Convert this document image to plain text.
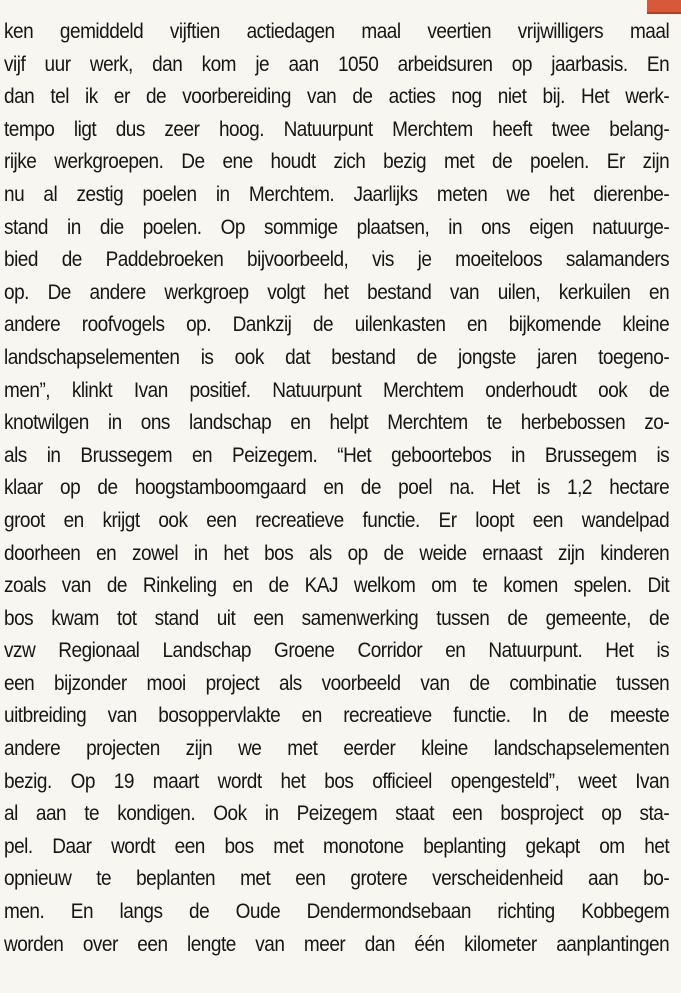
ken gemiddeld vijftien actiedagen maal veertien vrijwilligers maal
vijf uur werk, dan kom je aan 1050 arbeidsuren op jaarbasis. En
dan tel ik er de voorbereiding van de acties nog niet bij. Het werk-
tempo ligt dus zeer hoog. Natuurpunt Merchtem heeft twee belang-
rijke werkgroepen. De ene houdt zich bezig met de poelen. Er zijn
nu al zestig poelen in Merchtem. Jaarlijks meten we het dierenbe-
stand in die poelen. Op sommige plaatsen, in ons eigen natuurge-
bied de Paddebroeken bijvoorbeeld, vis je moeiteloos salamanders
op. De andere werkgroep volgt het bestand van uilen, kerkuilen en
andere roofvogels op. Dankzij de uilenkasten en bijkomende kleine
landschapselementen is ook dat bestand de jongste jaren toegeno-
men”, klinkt Ivan positief. Natuurpunt Merchtem onderhoudt ook de
knotwilgen in ons landschap en helpt Merchtem te herbebossen zo-
als in Brussegem en Peizegem. “Het geboortebos in Brussegem is
klaar op de hoogstamboomgaard en de poel na. Het is 1,2 hectare
groot en krijgt ook een recreatieve functie. Er loopt een wandelpad
doorheen en zowel in het bos als op de weide ernaast zijn kinderen
zoals van de Rinkeling en de KAJ welkom om te komen spelen. Dit
bos kwam tot stand uit een samenwerking tussen de gemeente, de
vzw Regionaal Landschap Groene Corridor en Natuurpunt. Het is
een bijzonder mooi project als voorbeeld van de combinatie tussen
uitbreiding van bosoppervlakte en recreatieve functie. In de meeste
andere projecten zijn we met eerder kleine landschapselementen
bezig. Op 19 maart wordt het bos officieel opengesteld”, weet Ivan
al aan te kondigen. Ook in Peizegem staat een bosproject op sta-
pel. Daar wordt een bos met monotone beplanting gekapt om het
opnieuw te beplanten met een grotere verscheidenheid aan bo-
men. En langs de Oude Dendermondsebaan richting Kobbegem
worden over een lengte van meer dan één kilometer aanplantingen
